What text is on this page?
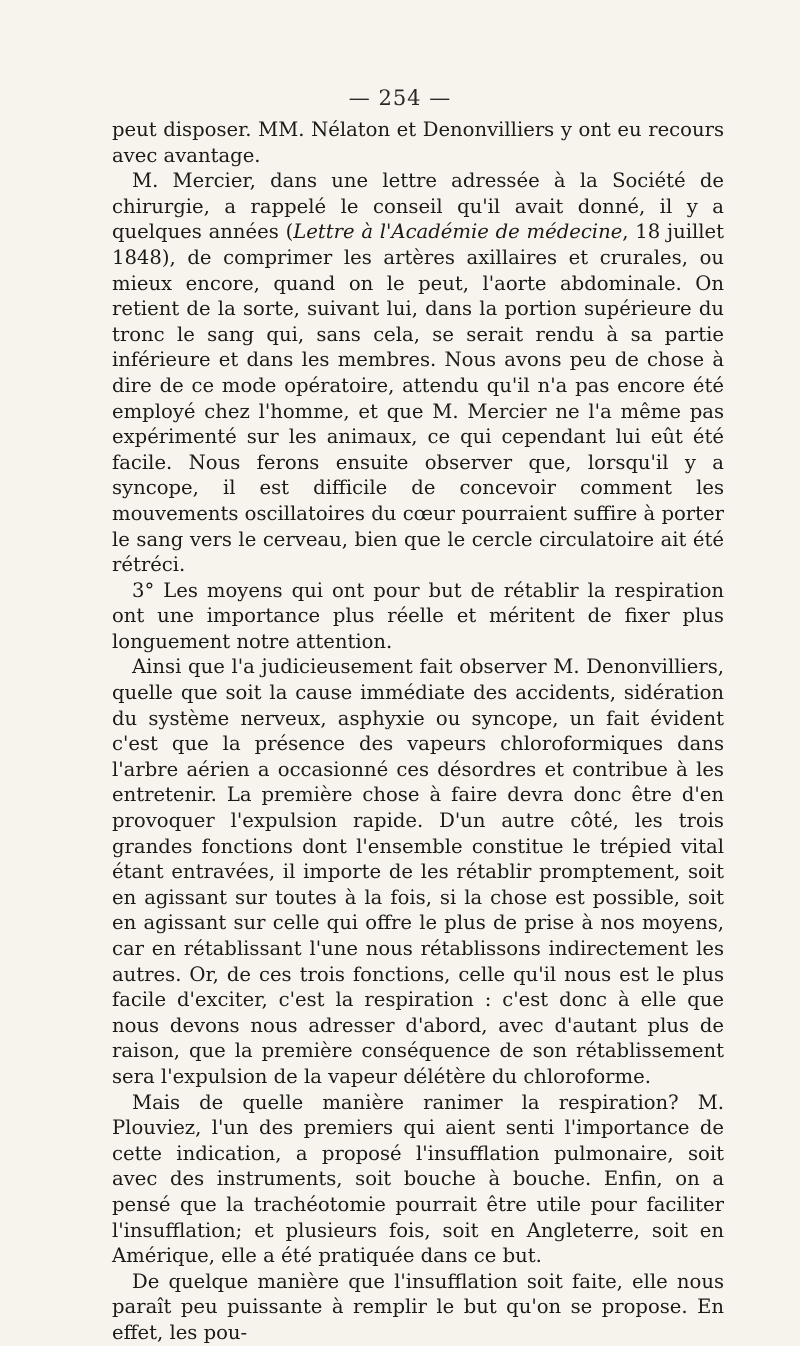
— 254 —

peut disposer. MM. Nélaton et Denonvilliers y ont eu recours avec avantage.

M. Mercier, dans une lettre adressée à la Société de chirurgie, a rappelé le conseil qu'il avait donné, il y a quelques années (Lettre à l'Académie de médecine, 18 juillet 1848), de comprimer les artères axillaires et crurales, ou mieux encore, quand on le peut, l'aorte abdominale. On retient de la sorte, suivant lui, dans la portion supérieure du tronc le sang qui, sans cela, se serait rendu à sa partie inférieure et dans les membres. Nous avons peu de chose à dire de ce mode opératoire, attendu qu'il n'a pas encore été employé chez l'homme, et que M. Mercier ne l'a même pas expérimenté sur les animaux, ce qui cependant lui eût été facile. Nous ferons ensuite observer que, lorsqu'il y a syncope, il est difficile de concevoir comment les mouvements oscillatoires du cœur pourraient suffire à porter le sang vers le cerveau, bien que le cercle circulatoire ait été rétréci.

3° Les moyens qui ont pour but de rétablir la respiration ont une importance plus réelle et méritent de fixer plus longuement notre attention.

Ainsi que l'a judicieusement fait observer M. Denonvilliers, quelle que soit la cause immédiate des accidents, sidération du système nerveux, asphyxie ou syncope, un fait évident c'est que la présence des vapeurs chloroformiques dans l'arbre aérien a occasionné ces désordres et contribue à les entretenir. La première chose à faire devra donc être d'en provoquer l'expulsion rapide. D'un autre côté, les trois grandes fonctions dont l'ensemble constitue le trépied vital étant entravées, il importe de les rétablir promptement, soit en agissant sur toutes à la fois, si la chose est possible, soit en agissant sur celle qui offre le plus de prise à nos moyens, car en rétablissant l'une nous rétablissons indirectement les autres. Or, de ces trois fonctions, celle qu'il nous est le plus facile d'exciter, c'est la respiration : c'est donc à elle que nous devons nous adresser d'abord, avec d'autant plus de raison, que la première conséquence de son rétablissement sera l'expulsion de la vapeur délétère du chloroforme.

Mais de quelle manière ranimer la respiration? M. Plouviez, l'un des premiers qui aient senti l'importance de cette indication, a proposé l'insufflation pulmonaire, soit avec des instruments, soit bouche à bouche. Enfin, on a pensé que la trachéotomie pourrait être utile pour faciliter l'insufflation; et plusieurs fois, soit en Angleterre, soit en Amérique, elle a été pratiquée dans ce but.

De quelque manière que l'insufflation soit faite, elle nous paraît peu puissante à remplir le but qu'on se propose. En effet, les pou-
